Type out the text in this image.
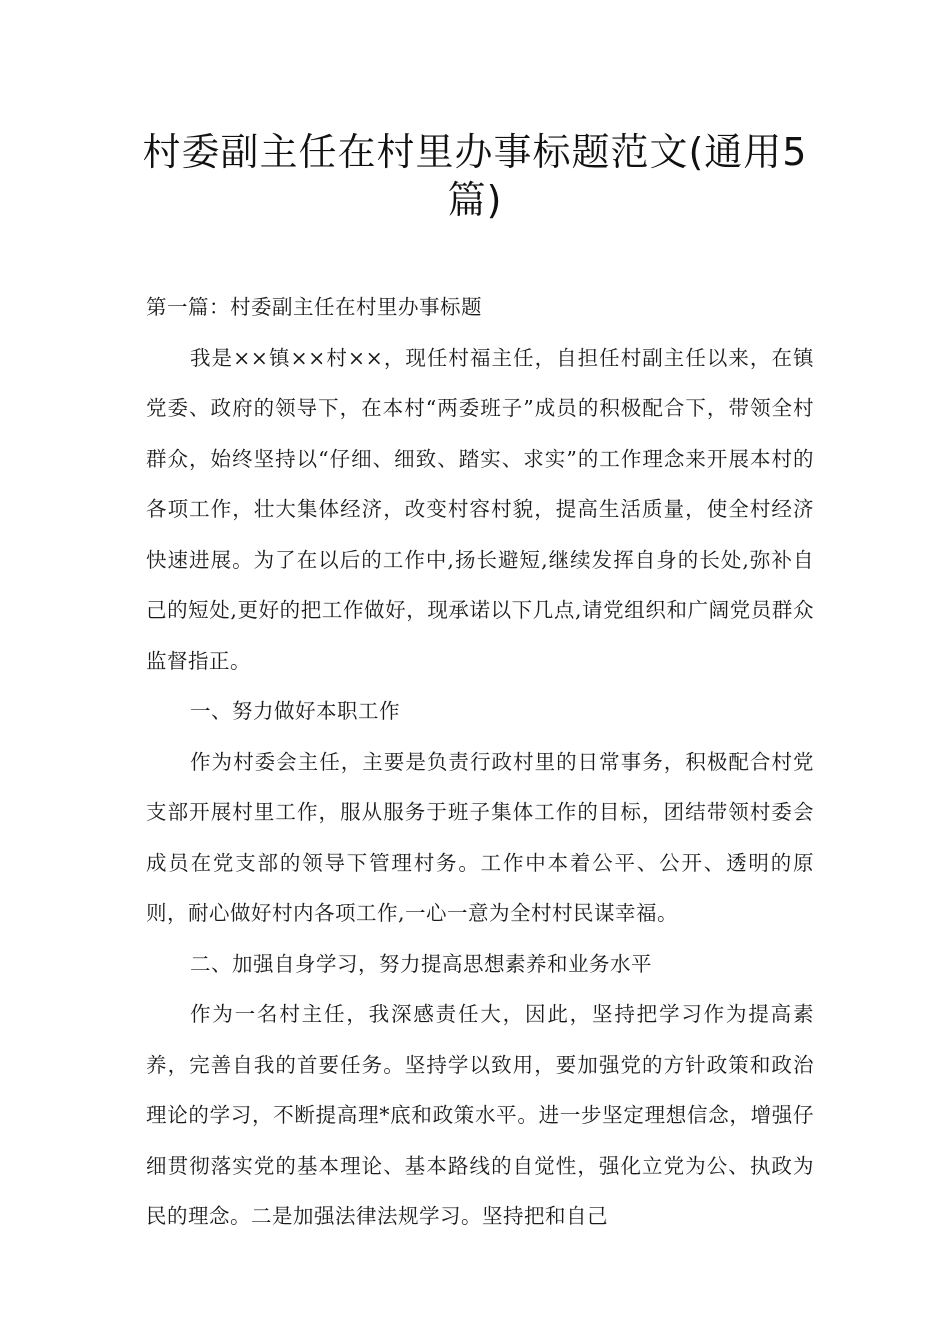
村委副主任在村里办事标题范文(通用5篇)

第一篇：村委副主任在村里办事标题

我是××镇××村××，现任村福主任，自担任村副主任以来，在镇党委、政府的领导下，在本村“两委班子”成员的积极配合下，带领全村群众，始终坚持以“仔细、细致、踏实、求实”的工作理念来开展本村的各项工作，壮大集体经济，改变村容村貌，提高生活质量，使全村经济快速进展。为了在以后的工作中,扬长避短,继续发挥自身的长处,弥补自己的短处,更好的把工作做好，现承诺以下几点,请党组织和广阔党员群众监督指正。

一、努力做好本职工作

作为村委会主任，主要是负责行政村里的日常事务，积极配合村党支部开展村里工作，服从服务于班子集体工作的目标，团结带领村委会成员在党支部的领导下管理村务。工作中本着公平、公开、透明的原则，耐心做好村内各项工作,一心一意为全村村民谋幸福。

二、加强自身学习，努力提高思想素养和业务水平

作为一名村主任，我深感责任大，因此，坚持把学习作为提高素养，完善自我的首要任务。坚持学以致用，要加强党的方针政策和政治理论的学习，不断提高理*底和政策水平。进一步坚定理想信念，增强仔细贯彻落实党的基本理论、基本路线的自觉性，强化立党为公、执政为民的理念。二是加强法律法规学习。坚持把和自己
